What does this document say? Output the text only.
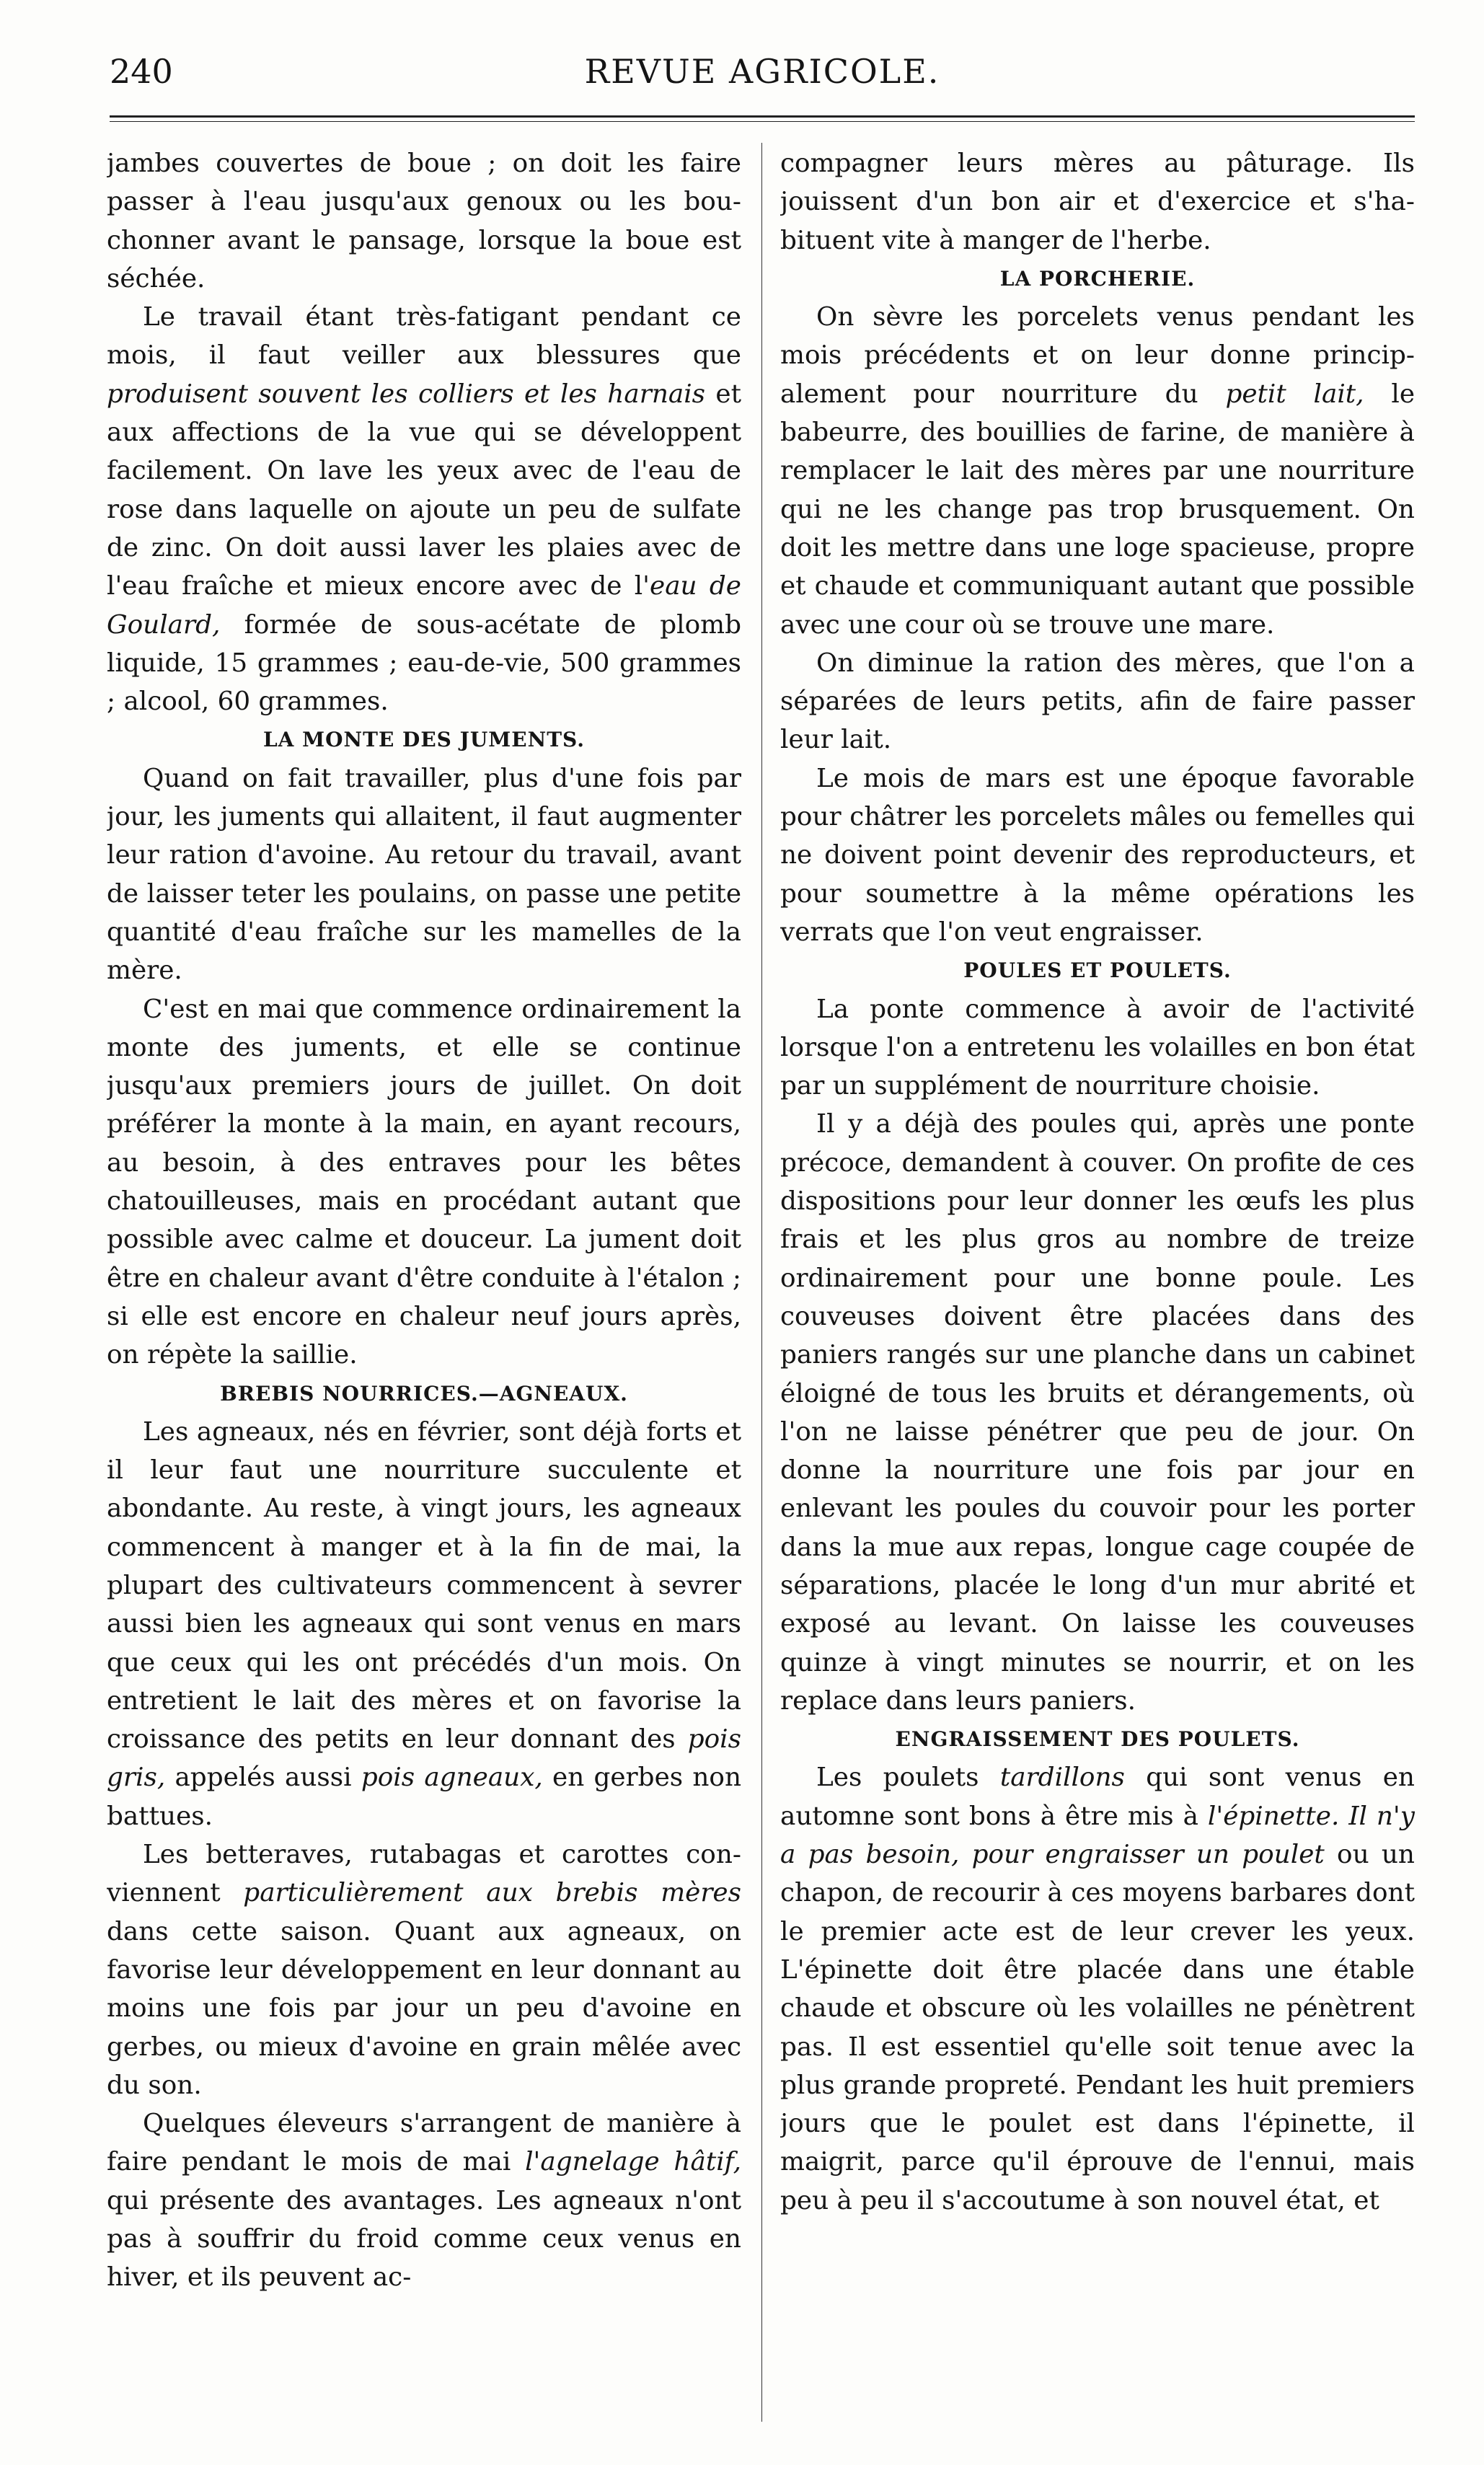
240	REVUE AGRICOLE.

jambes couvertes de boue ; on doit les faire passer à l'eau jusqu'aux genoux ou les bouchonner avant le pansage, lorsque la boue est séchée.

Le travail étant très-fatigant pendant ce mois, il faut veiller aux blessures que produisent souvent les colliers et les harnais et aux affections de la vue qui se développent facilement. On lave les yeux avec de l'eau de rose dans laquelle on ajoute un peu de sulfate de zinc. On doit aussi laver les plaies avec de l'eau fraîche et mieux encore avec de l'eau de Goulard, formée de sous-acétate de plomb liquide, 15 grammes ; eau-de-vie, 500 grammes ; alcool, 60 grammes.

LA MONTE DES JUMENTS.

Quand on fait travailler, plus d'une fois par jour, les juments qui allaitent, il faut augmenter leur ration d'avoine. Au retour du travail, avant de laisser teter les poulains, on passe une petite quantité d'eau fraîche sur les mamelles de la mère.

C'est en mai que commence ordinairement la monte des juments, et elle se continue jusqu'aux premiers jours de juillet. On doit préférer la monte à la main, en ayant recours, au besoin, à des entraves pour les bêtes chatouilleuses, mais en procédant autant que possible avec calme et douceur. La jument doit être en chaleur avant d'être conduite à l'étalon ; si elle est encore en chaleur neuf jours après, on répète la saillie.

BREBIS NOURRICES.—AGNEAUX.

Les agneaux, nés en février, sont déjà forts et il leur faut une nourriture succulente et abondante. Au reste, à vingt jours, les agneaux commencent à manger et à la fin de mai, la plupart des cultivateurs commencent à sevrer aussi bien les agneaux qui sont venus en mars que ceux qui les ont précédés d'un mois. On entretient le lait des mères et on favorise la croissance des petits en leur donnant des pois gris, appelés aussi pois agneaux, en gerbes non battues.

Les betteraves, rutabagas et carottes conviennent particulièrement aux brebis mères dans cette saison. Quant aux agneaux, on favorise leur développement en leur donnant au moins une fois par jour un peu d'avoine en gerbes, ou mieux d'avoine en grain mêlée avec du son.

Quelques éleveurs s'arrangent de manière à faire pendant le mois de mai l'agnelage hâtif, qui présente des avantages. Les agneaux n'ont pas à souffrir du froid comme ceux venus en hiver, et ils peuvent ac-

compagner leurs mères au pâturage. Ils jouissent d'un bon air et d'exercice et s'habituent vite à manger de l'herbe.

LA PORCHERIE.

On sèvre les porcelets venus pendant les mois précédents et on leur donne principalement pour nourriture du petit lait, le babeurre, des bouillies de farine, de manière à remplacer le lait des mères par une nourriture qui ne les change pas trop brusquement. On doit les mettre dans une loge spacieuse, propre et chaude et communiquant autant que possible avec une cour où se trouve une mare.

On diminue la ration des mères, que l'on a séparées de leurs petits, afin de faire passer leur lait.

Le mois de mars est une époque favorable pour châtrer les porcelets mâles ou femelles qui ne doivent point devenir des reproducteurs, et pour soumettre à la même opérations les verrats que l'on veut engraisser.

POULES ET POULETS.

La ponte commence à avoir de l'activité lorsque l'on a entretenu les volailles en bon état par un supplément de nourriture choisie.

Il y a déjà des poules qui, après une ponte précoce, demandent à couver. On profite de ces dispositions pour leur donner les œufs les plus frais et les plus gros au nombre de treize ordinairement pour une bonne poule. Les couveuses doivent être placées dans des paniers rangés sur une planche dans un cabinet éloigné de tous les bruits et dérangements, où l'on ne laisse pénétrer que peu de jour. On donne la nourriture une fois par jour en enlevant les poules du couvoir pour les porter dans la mue aux repas, longue cage coupée de séparations, placée le long d'un mur abrité et exposé au levant. On laisse les couveuses quinze à vingt minutes se nourrir, et on les replace dans leurs paniers.

ENGRAISSEMENT DES POULETS.

Les poulets tardillons qui sont venus en automne sont bons à être mis à l'épinette. Il n'y a pas besoin, pour engraisser un poulet ou un chapon, de recourir à ces moyens barbares dont le premier acte est de leur crever les yeux. L'épinette doit être placée dans une étable chaude et obscure où les volailles ne pénètrent pas. Il est essentiel qu'elle soit tenue avec la plus grande propreté. Pendant les huit premiers jours que le poulet est dans l'épinette, il maigrit, parce qu'il éprouve de l'ennui, mais peu à peu il s'accoutume à son nouvel état, et
